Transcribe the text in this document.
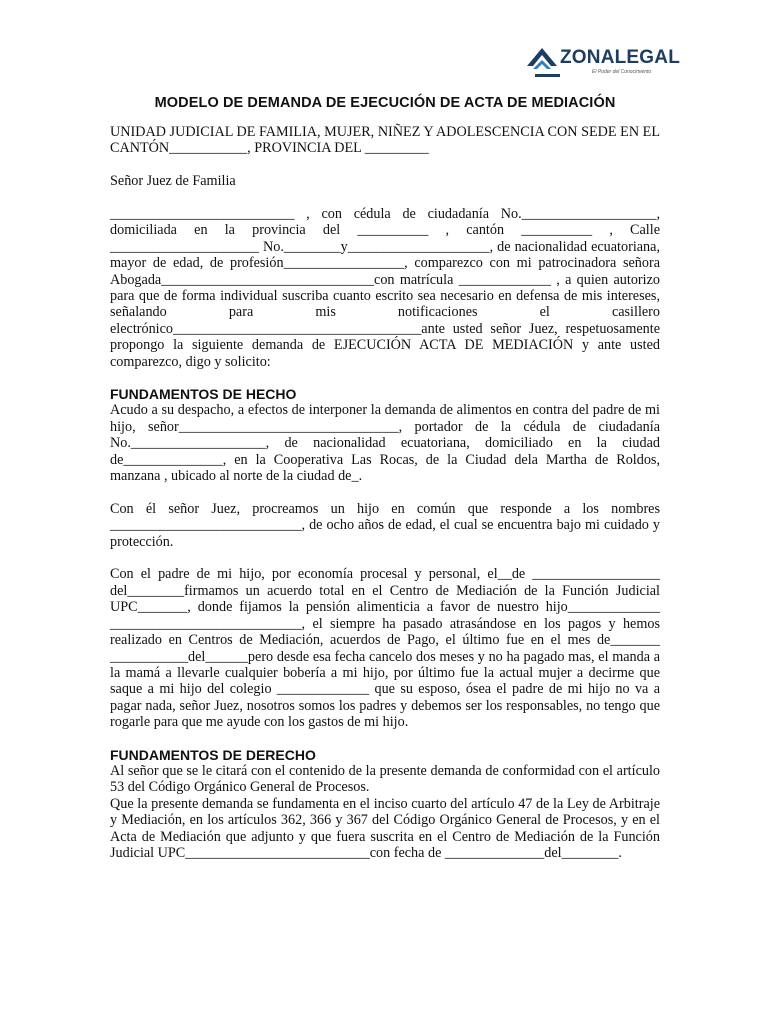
ZONALEGAL
El Poder del Conocimiento
MODELO DE DEMANDA DE EJECUCIÓN DE ACTA DE MEDIACIÓN

UNIDAD JUDICIAL DE FAMILIA, MUJER, NIÑEZ Y ADOLESCENCIA CON SEDE EN EL CANTÓN___________, PROVINCIA DEL _________

Señor Juez de Familia

__________________________ , con cédula de ciudadanía No.___________________, domiciliada en la provincia del __________ , cantón __________ , Calle _____________________ No.________y____________________, de nacionalidad ecuatoriana, mayor de edad, de profesión_________________, comparezco con mi patrocinadora señora Abogada______________________________con matrícula _____________ , a quien autorizo para que de forma individual suscriba cuanto escrito sea necesario en defensa de mis intereses, señalando para mis notificaciones el casillero electrónico___________________________________ante usted señor Juez, respetuosamente propongo la siguiente demanda de EJECUCIÓN ACTA DE MEDIACIÓN y ante usted comparezco, digo y solicito:

FUNDAMENTOS DE HECHO

Acudo a su despacho, a efectos de interponer la demanda de alimentos en contra del padre de mi hijo, señor_______________________________, portador de la cédula de ciudadanía No.___________________, de nacionalidad ecuatoriana, domiciliado en la ciudad de______________, en la Cooperativa Las Rocas, de la Ciudad dela Martha de Roldos, manzana , ubicado al norte de la ciudad de_.

Con él señor Juez, procreamos un hijo en común que responde a los nombres ___________________________, de ocho años de edad, el cual se encuentra bajo mi cuidado y protección.

Con el padre de mi hijo, por economía procesal y personal, el__de __________________ del________firmamos un acuerdo total en el Centro de Mediación de la Función Judicial UPC_______, donde fijamos la pensión alimenticia a favor de nuestro hijo_____________ ___________________________, el siempre ha pasado atrasándose en los pagos y hemos realizado en Centros de Mediación, acuerdos de Pago, el último fue en el mes de_______ ___________del______pero desde esa fecha cancelo dos meses y no ha pagado mas, el manda a la mamá a llevarle cualquier bobería a mi hijo, por último fue la actual mujer a decirme que saque a mi hijo del colegio _____________ que su esposo, ósea el padre de mi hijo no va a pagar nada, señor Juez, nosotros somos los padres y debemos ser los responsables, no tengo que rogarle para que me ayude con los gastos de mi hijo.

FUNDAMENTOS DE DERECHO

Al señor que se le citará con el contenido de la presente demanda de conformidad con el artículo 53 del Código Orgánico General de Procesos.

Que la presente demanda se fundamenta en el inciso cuarto del artículo 47 de la Ley de Arbitraje y Mediación, en los artículos 362, 366 y 367 del Código Orgánico General de Procesos, y en el Acta de Mediación que adjunto y que fuera suscrita en el Centro de Mediación de la Función Judicial UPC__________________________con fecha de ______________del________.
